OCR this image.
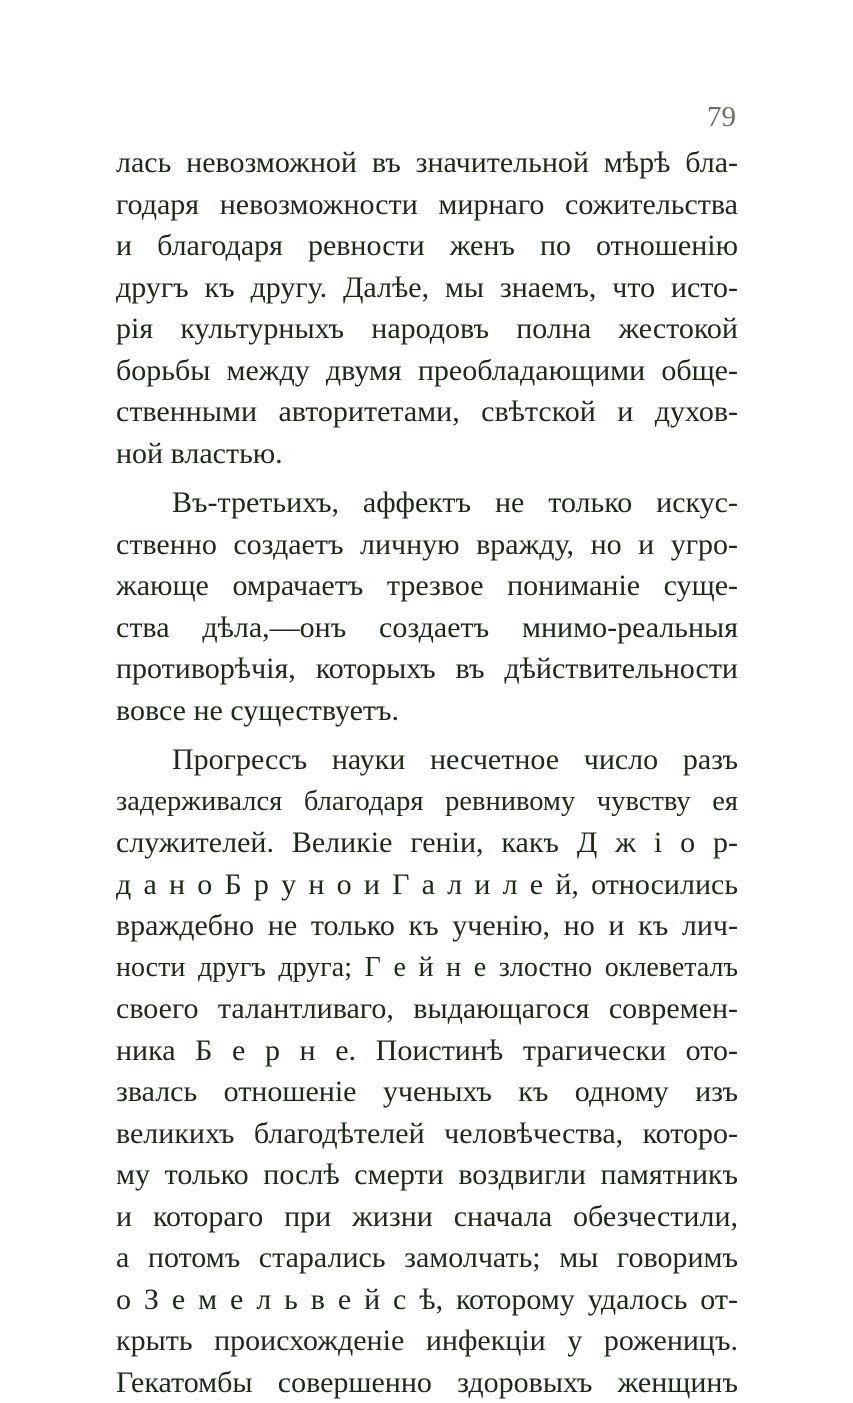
79
лась невозможной въ значительной мѣрѣ бла-
годаря невозможности мирнаго сожительства
и благодаря ревности женъ по отношенію
другъ къ другу. Далѣе, мы знаемъ, что исто-
рія культурныхъ народовъ полна жестокой
борьбы между двумя преобладающими обще-
ственными авторитетами, свѣтской и духов-
ной властью.
Въ-третьихъ, аффектъ не только искус-
ственно создаетъ личную вражду, но и угро-
жающе омрачаетъ трезвое пониманіе суще-
ства дѣла,—онъ создаетъ мнимо-реальныя
противорѣчія, которыхъ въ дѣйствительности
вовсе не существуетъ.
Прогрессъ науки несчетное число разъ
задерживался благодаря ревнивому чувству ея
служителей. Великіе геніи, какъ Д ж і о р-
д а н о Б р у н о и Г а л и л е й, относились
враждебно не только къ ученію, но и къ лич-
ности другъ друга; Г е й н е злостно оклеветалъ
своего талантливаго, выдающагося современ-
ника Б е р н е. Поистинѣ трагически ото-
звалсь отношеніе ученыхъ къ одному изъ
великихъ благодѣтелей человѣчества, которо-
му только послѣ смерти воздвигли памятникъ
и котораго при жизни сначала обезчестили,
а потомъ старались замолчать; мы говоримъ
о З е м е л ь в е й с ѣ, которому удалось от-
крыть происхожденіе инфекціи у роженицъ.
Гекатомбы совершенно здоровыхъ женщинъ
